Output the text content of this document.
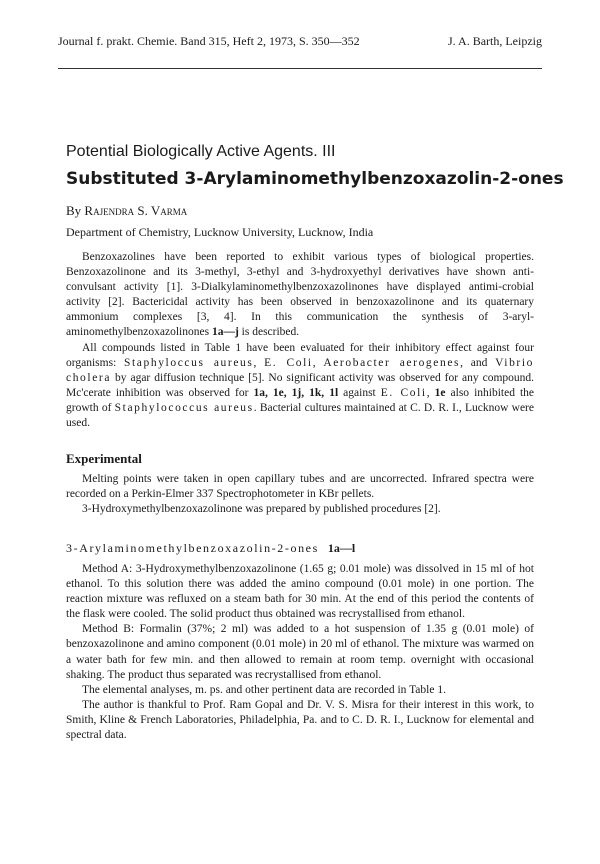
Journal f. prakt. Chemie. Band 315, Heft 2, 1973, S. 350—352	J. A. Barth, Leipzig
Potential Biologically Active Agents. III
Substituted 3-Arylaminomethylbenzoxazolin-2-ones
By Rajendra S. Varma
Department of Chemistry, Lucknow University, Lucknow, India

Benzoxazolines have been reported to exhibit various types of biological properties. Benzoxazolinone and its 3-methyl, 3-ethyl and 3-hydroxyethyl derivatives have shown anti-convulsant activity [1]. 3-Dialkylaminomethylbenzoxazolinones have displayed antimi-crobial activity [2]. Bactericidal activity has been observed in benzoxazolinone and its quaternary ammonium complexes [3, 4]. In this communication the synthesis of 3-aryl-aminomethylbenzoxazolinones 1a—j is described.

All compounds listed in Table 1 have been evaluated for their inhibitory effect against four organisms: Staphyloccus aureus, E. Coli, Aerobacter aerogenes, and Vibrio cholera by agar diffusion technique [5]. No significant activity was observed for any compound. Mc'cerate inhibition was observed for 1a, 1e, 1j, 1k, 1l against E. Coli, 1e also inhibited the growth of Staphylococcus aureus. Bacterial cultures maintained at C. D. R. I., Lucknow were used.

Experimental

Melting points were taken in open capillary tubes and are uncorrected. Infrared spectra were recorded on a Perkin-Elmer 337 Spectrophotometer in KBr pellets.

3-Hydroxymethylbenzoxazolinone was prepared by published procedures [2].

3-Arylaminomethylbenzoxazolin-2-ones 1a—l

Method A: 3-Hydroxymethylbenzoxazolinone (1.65 g; 0.01 mole) was dissolved in 15 ml of hot ethanol. To this solution there was added the amino compound (0.01 mole) in one portion. The reaction mixture was refluxed on a steam bath for 30 min. At the end of this period the contents of the flask were cooled. The solid product thus obtained was recrystallised from ethanol.

Method B: Formalin (37%; 2 ml) was added to a hot suspension of 1.35 g (0.01 mole) of benzoxazolinone and amino component (0.01 mole) in 20 ml of ethanol. The mixture was warmed on a water bath for few min. and then allowed to remain at room temp. overnight with occasional shaking. The product thus separated was recrystallised from ethanol.

The elemental analyses, m. ps. and other pertinent data are recorded in Table 1.

The author is thankful to Prof. Ram Gopal and Dr. V. S. Misra for their interest in this work, to Smith, Kline & French Laboratories, Philadelphia, Pa. and to C. D. R. I., Lucknow for elemental and spectral data.
